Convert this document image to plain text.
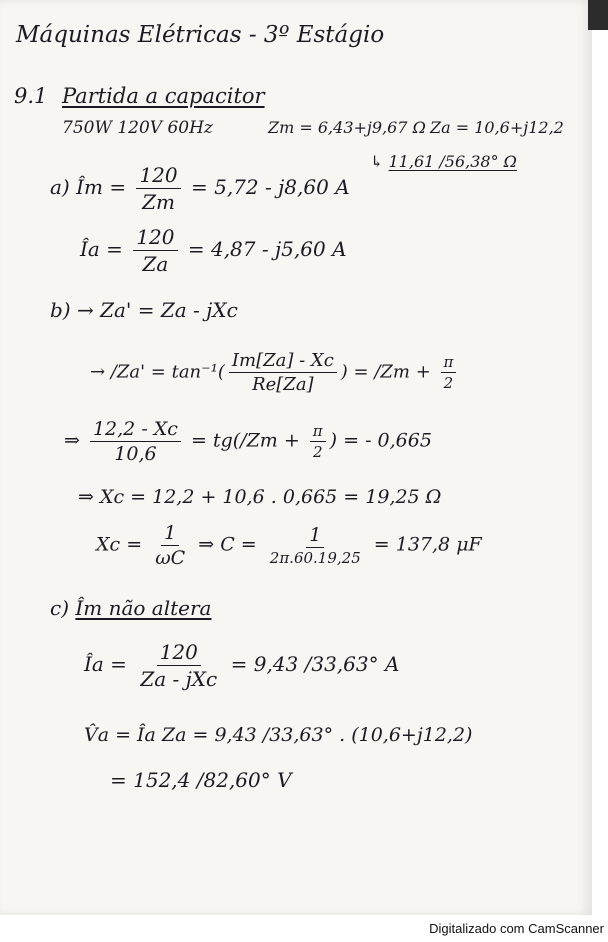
Máquinas Elétricas - 3º Estágio
9.1 Partida a capacitor
750W 120V 60Hz	Zm = 6,43+j9,67 Ω Za = 10,6+j12,2
↳ 11,61 /56,38° Ω
a) Îm = $\frac{120}{Zm} = 5,72 - j8,60$ A
Îa = $\frac{120}{Za} = 4,87 - j5,60$ A
b) → Za' = Za - jXc
→ $/Za' = \tan^{-1}( \frac{Im[Za] - Xc}{Re[Za]}$ ) = $/Zm + \frac{\pi}{2}$
⇒ $\frac{12,2 - Xc}{10,6} = tg(/Zm + \frac{\pi}{2}$ ) = - 0,665
⇒ Xc = 12,2 + 10,6 . 0,665 = 19,25 Ω
$Xc = \frac{1}{\omega C}$ ⇒ $C = \frac{1}{2\pi.60.19,25} = 137,8$ μF
c) Îm não altera
Îa = $\frac{120}{\text{Za - jXc}} = 9,43$ /33,63° A
V̂a = Îa Za = 9,43 /33,63° . (10,6+j12,2)
= 152,4 /82,60° V
Digitalizado com CamScanner
